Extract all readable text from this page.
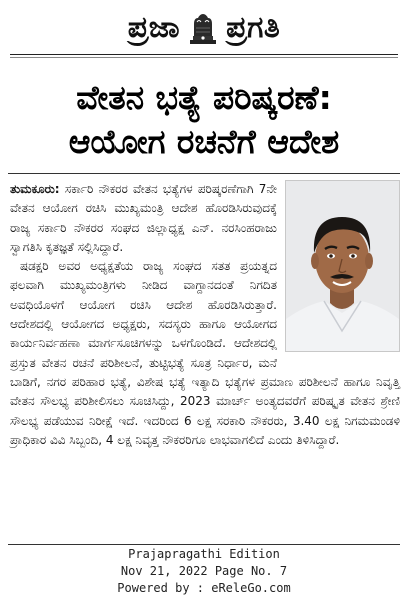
ಪ್ರಜಾ ಪ್ರಗತಿ
ವೇತನ ಭತ್ಯೆ ಪರಿಷ್ಕರಣೆ:
ಆಯೋಗ ರಚನೆಗೆ ಆದೇಶ

ತುಮಕೂರು: ಸರ್ಕಾರಿ ನೌಕರರ ವೇತನ ಭತ್ಯೆಗಳ ಪರಿಷ್ಕರಣೆಗಾಗಿ 7ನೇ ವೇತನ ಆಯೋಗ ರಚಿಸಿ ಮುಖ್ಯಮಂತ್ರಿ ಆದೇಶ ಹೊರಡಿಸಿರುವುದಕ್ಕೆ ರಾಜ್ಯ ಸರ್ಕಾರಿ ನೌಕರರ ಸಂಘದ ಜಿಲ್ಲಾಧ್ಯಕ್ಷ ಎನ್. ನರಸಿಂಹರಾಜು ಸ್ವಾಗತಿಸಿ ಕೃತಜ್ಞತೆ ಸಲ್ಲಿಸಿದ್ದಾರೆ.

ಷಡಕ್ಷರಿ ಅವರ ಅಧ್ಯಕ್ಷತೆಯ ರಾಜ್ಯ ಸಂಘದ ಸತತ ಪ್ರಯತ್ನದ ಫಲವಾಗಿ ಮುಖ್ಯಮಂತ್ರಿಗಳು ನೀಡಿದ ವಾಗ್ದಾನದಂತೆ ನಿಗದಿತ ಅವಧಿಯೊಳಗೆ ಆಯೋಗ ರಚಿಸಿ ಆದೇಶ ಹೊರಡಿಸಿರುತ್ತಾರೆ. ಆದೇಶದಲ್ಲಿ ಆಯೋಗದ ಅಧ್ಯಕ್ಷರು, ಸದಸ್ಯರು ಹಾಗೂ ಆಯೋಗದ ಕಾರ್ಯನಿರ್ವಹಣಾ ಮಾರ್ಗಸೂಚಿಗಳನ್ನು ಒಳಗೊಂಡಿದೆ. ಆದೇಶದಲ್ಲಿ ಪ್ರಸ್ತುತ ವೇತನ ರಚನೆ ಪರಿಶೀಲನೆ, ತುಟ್ಟಿಭತ್ಯೆ ಸೂತ್ರ ನಿರ್ಧಾರ, ಮನೆ ಬಾಡಿಗೆ, ನಗರ ಪರಿಹಾರ ಭತ್ಯೆ, ವಿಶೇಷ ಭತ್ಯೆ ಇತ್ಯಾದಿ ಭತ್ಯೆಗಳ ಪ್ರಮಾಣ ಪರಿಶೀಲನೆ ಹಾಗೂ ನಿವೃತ್ತಿ ವೇತನ ಸೌಲಭ್ಯ ಪರಿಶೀಲಿಸಲು ಸೂಚಿಸಿದ್ದು, 2023 ಮಾರ್ಚ್ ಅಂತ್ಯದವರೆಗೆ ಪರಿಷ್ಕೃತ ವೇತನ ಶ್ರೇಣಿ ಸೌಲಭ್ಯ ಪಡೆಯುವ ನಿರೀಕ್ಷೆ ಇದೆ. ಇದರಿಂದ 6 ಲಕ್ಷ ಸರಕಾರಿ ನೌಕರರು, 3.40 ಲಕ್ಷ ನಿಗಮಮಂಡಳಿ ಪ್ರಾಧಿಕಾರ ವಿವಿ ಸಿಬ್ಬಂದಿ, 4 ಲಕ್ಷ ನಿವೃತ್ತ ನೌಕರರಿಗೂ ಲಾಭವಾಗಲಿದೆ ಎಂದು ತಿಳಿಸಿದ್ದಾರೆ.

Prajapragathi Edition
Nov 21, 2022 Page No. 7
Powered by : eReleGo.com
